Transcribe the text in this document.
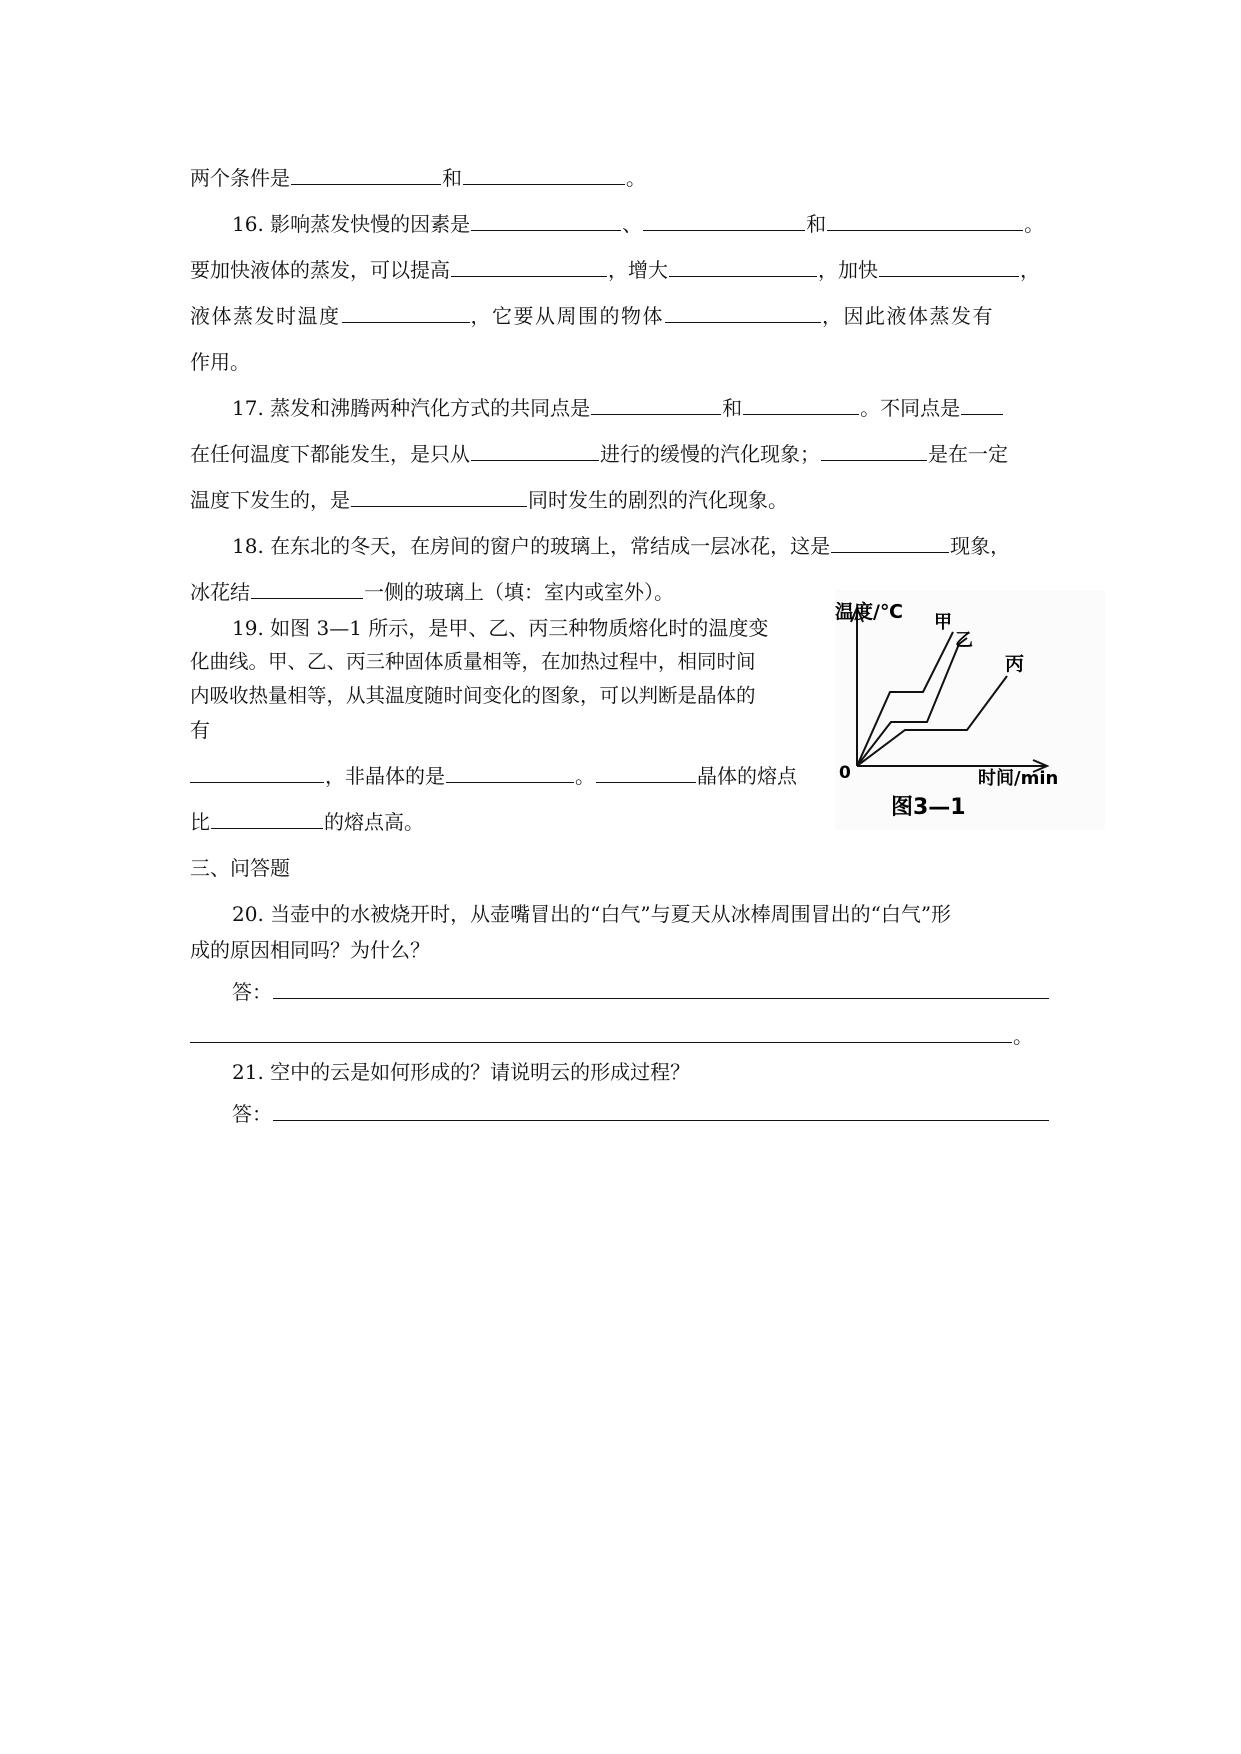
两个条件是	和	。
16. 影响蒸发快慢的因素是	、	和	。
要加快液体的蒸发，可以提高	，增大	，加快	，
液体蒸发时温度	，它要从周围的物体	，因此液体蒸发有
作用。
17. 蒸发和沸腾两种汽化方式的共同点是	和	。不同点是
在任何温度下都能发生，是只从	进行的缓慢的汽化现象；	是在一定
温度下发生的，是	同时发生的剧烈的汽化现象。
18. 在东北的冬天，在房间的窗户的玻璃上，常结成一层冰花，这是	现象，
冰花结	一侧的玻璃上（填：室内或室外）。
19. 如图 3—1 所示，是甲、乙、丙三种物质熔化时的温度变
化曲线。甲、乙、丙三种固体质量相等，在加热过程中，相同时间
内吸收热量相等，从其温度随时间变化的图象，可以判断是晶体的
有
，非晶体的是	。	晶体的熔点
比	的熔点高。
温度/℃ 甲
乙
丙
0	时间/min
图3—1
三、问答题
20. 当壶中的水被烧开时，从壶嘴冒出的“白气”与夏天从冰棒周围冒出的“白气”形
成的原因相同吗？为什么？
答：
。
21. 空中的云是如何形成的？请说明云的形成过程？
答：
